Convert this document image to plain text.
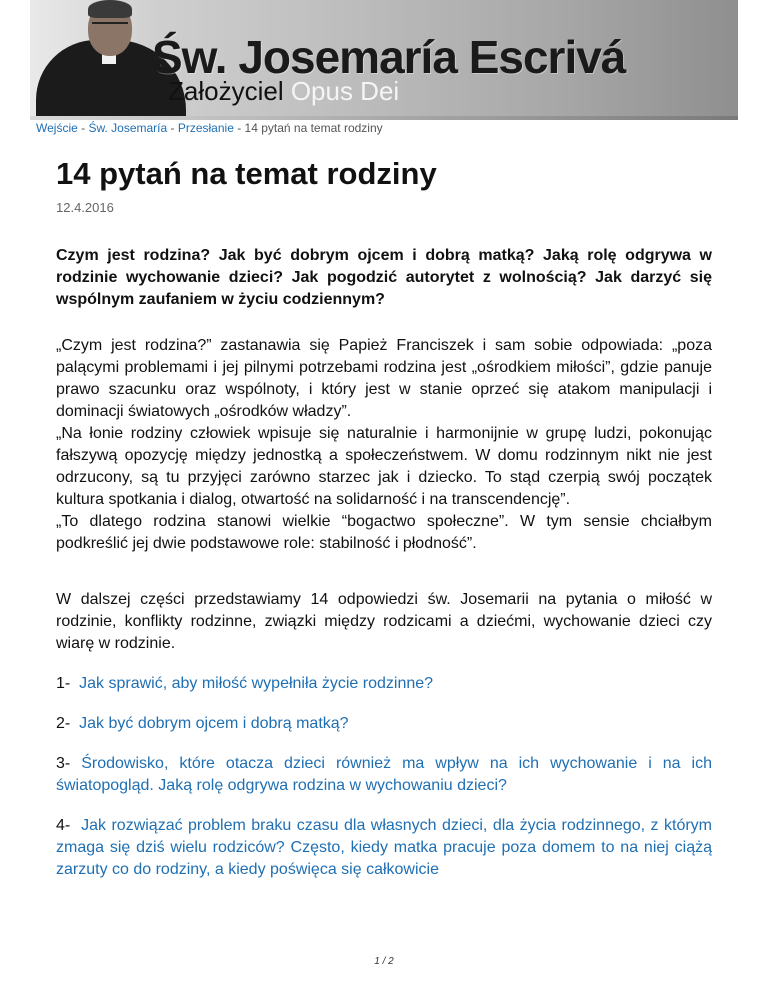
Św. Josemaría Escrivá
Założyciel Opus Dei
Wejście - Św. Josemaría - Przesłanie - 14 pytań na temat rodziny
14 pytań na temat rodziny
12.4.2016
Czym jest rodzina? Jak być dobrym ojcem i dobrą matką? Jaką rolę odgrywa w rodzinie wychowanie dzieci? Jak pogodzić autorytet z wolnością? Jak darzyć się wspólnym zaufaniem w życiu codziennym?

„Czym jest rodzina?” zastanawia się Papież Franciszek i sam sobie odpowiada: „poza palącymi problemami i jej pilnymi potrzebami rodzina jest „ośrodkiem miłości”, gdzie panuje prawo szacunku oraz wspólnoty, i który jest w stanie oprzeć się atakom manipulacji i dominacji światowych „ośrodków władzy”.

„Na łonie rodziny człowiek wpisuje się naturalnie i harmonijnie w grupę ludzi, pokonując fałszywą opozycję między jednostką a społeczeństwem. W domu rodzinnym nikt nie jest odrzucony, są tu przyjęci zarówno starzec jak i dziecko. To stąd czerpią swój początek kultura spotkania i dialog, otwartość na solidarność i na transcendencję”.

„To dlatego rodzina stanowi wielkie “bogactwo społeczne”. W tym sensie chciałbym podkreślić jej dwie podstawowe role: stabilność i płodność”.

W dalszej części przedstawiamy 14 odpowiedzi św. Josemarii na pytania o miłość w rodzinie, konflikty rodzinne, związki między rodzicami a dziećmi, wychowanie dzieci czy wiarę w rodzinie.
1- Jak sprawić, aby miłość wypełniła życie rodzinne?
2- Jak być dobrym ojcem i dobrą matką?
3- Środowisko, które otacza dzieci również ma wpływ na ich wychowanie i na ich światopogląd. Jaką rolę odgrywa rodzina w wychowaniu dzieci?
4- Jak rozwiązać problem braku czasu dla własnych dzieci, dla życia rodzinnego, z którym zmaga się dziś wielu rodziców? Często, kiedy matka pracuje poza domem to na niej ciążą zarzuty co do rodziny, a kiedy poświęca się całkowicie
1 / 2
